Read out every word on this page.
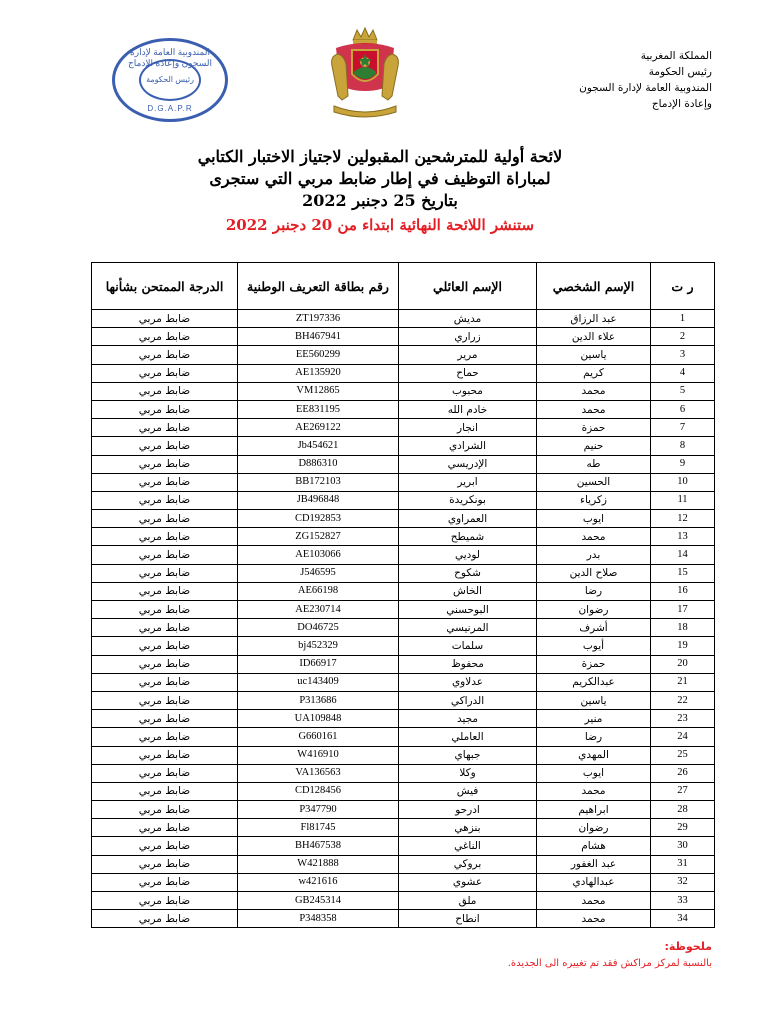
المندوبية العامة لإدارة السجون وإعادة الإدماج
رئيس الحكومة
D.G.A.P.R
المملكة المغربية
رئيس الحكومة
المندوبية العامة لإدارة السجون
وإعادة الإدماج
لائحة أولية للمترشحين المقبولين لاجتياز الاختبار الكتابي
لمباراة التوظيف في إطار ضابط مربي التي ستجرى
بتاريخ 25 دجنبر 2022
ستنشر اللائحة النهائية ابتداء من 20 دجنبر 2022
ر ت	الإسم الشخصي	الإسم العائلي	رقم بطاقة التعريف الوطنية	الدرجة الممتحن بشأنها
1	عبد الرزاق	مديش	ZT197336	ضابط مربي
2	علاء الدين	زراري	BH467941	ضابط مربي
3	ياسين	مرير	EE560299	ضابط مربي
4	كريم	حماح	AE135920	ضابط مربي
5	محمد	محبوب	VM12865	ضابط مربي
6	محمد	خادم الله	EE831195	ضابط مربي
7	حمزة	انجار	AE269122	ضابط مربي
8	حنيم	الشرادي	Jb454621	ضابط مربي
9	طه	الإدريسي	D886310	ضابط مربي
10	الحسين	ابرير	BB172103	ضابط مربي
11	زكرياء	بونكريدة	JB496848	ضابط مربي
12	ايوب	العمراوي	CD192853	ضابط مربي
13	محمد	شميطح	ZG152827	ضابط مربي
14	بدر	لوديي	AE103066	ضابط مربي
15	صلاح الدين	شكوح	J546595	ضابط مربي
16	رضا	الخاش	AE66198	ضابط مربي
17	رضوان	البوحسني	AE230714	ضابط مربي
18	أشرف	المرنيسي	DO46725	ضابط مربي
19	أيوب	سلمات	bj452329	ضابط مربي
20	حمزة	محفوظ	ID66917	ضابط مربي
21	عبدالكريم	عدلاوي	uc143409	ضابط مربي
22	ياسين	الدراكي	P313686	ضابط مربي
23	منير	مجيد	UA109848	ضابط مربي
24	رضا	العاملي	G660161	ضابط مربي
25	المهدي	جبهاي	W416910	ضابط مربي
26	ايوب	وكلا	VA136563	ضابط مربي
27	محمد	فيش	CD128456	ضابط مربي
28	ابراهيم	ادرحو	P347790	ضابط مربي
29	رضوان	بنزهي	Fl81745	ضابط مربي
30	هشام	الناغي	BH467538	ضابط مربي
31	عبد الغفور	بروكي	W421888	ضابط مربي
32	عبدالهادي	عشوي	w421616	ضابط مربي
33	محمد	ملق	GB245314	ضابط مربي
34	محمد	انطاح	P348358	ضابط مربي
ملحوظة:
بالنسبة لمركز مراكش فقد تم تغييره الى الجديدة.
